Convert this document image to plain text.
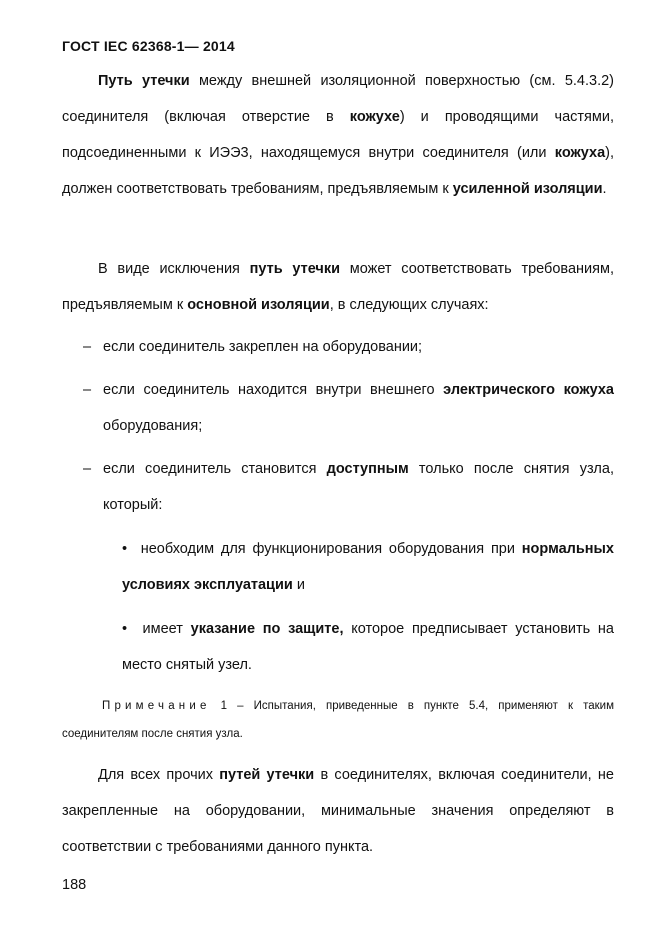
ГОСТ IEC 62368-1— 2014
Путь утечки между внешней изоляционной поверхностью (см. 5.4.3.2) соединителя (включая отверстие в кожухе) и проводящими частями, подсоединенными к ИЭЭ3, находящемуся внутри соединителя (или кожуха), должен соответствовать требованиям, предъявляемым к усиленной изоляции.
В виде исключения путь утечки может соответствовать требованиям, предъявляемым к основной изоляции, в следующих случаях:
– если соединитель закреплен на оборудовании;
– если соединитель находится внутри внешнего электрического кожуха оборудования;
– если соединитель становится доступным только после снятия узла, который:
• необходим для функционирования оборудования при нормальных условиях эксплуатации и
• имеет указание по защите, которое предписывает установить на место снятый узел.
Примечание 1 – Испытания, приведенные в пункте 5.4, применяют к таким соединителям после снятия узла.
Для всех прочих путей утечки в соединителях, включая соединители, не закрепленные на оборудовании, минимальные значения определяют в соответствии с требованиями данного пункта.
188
